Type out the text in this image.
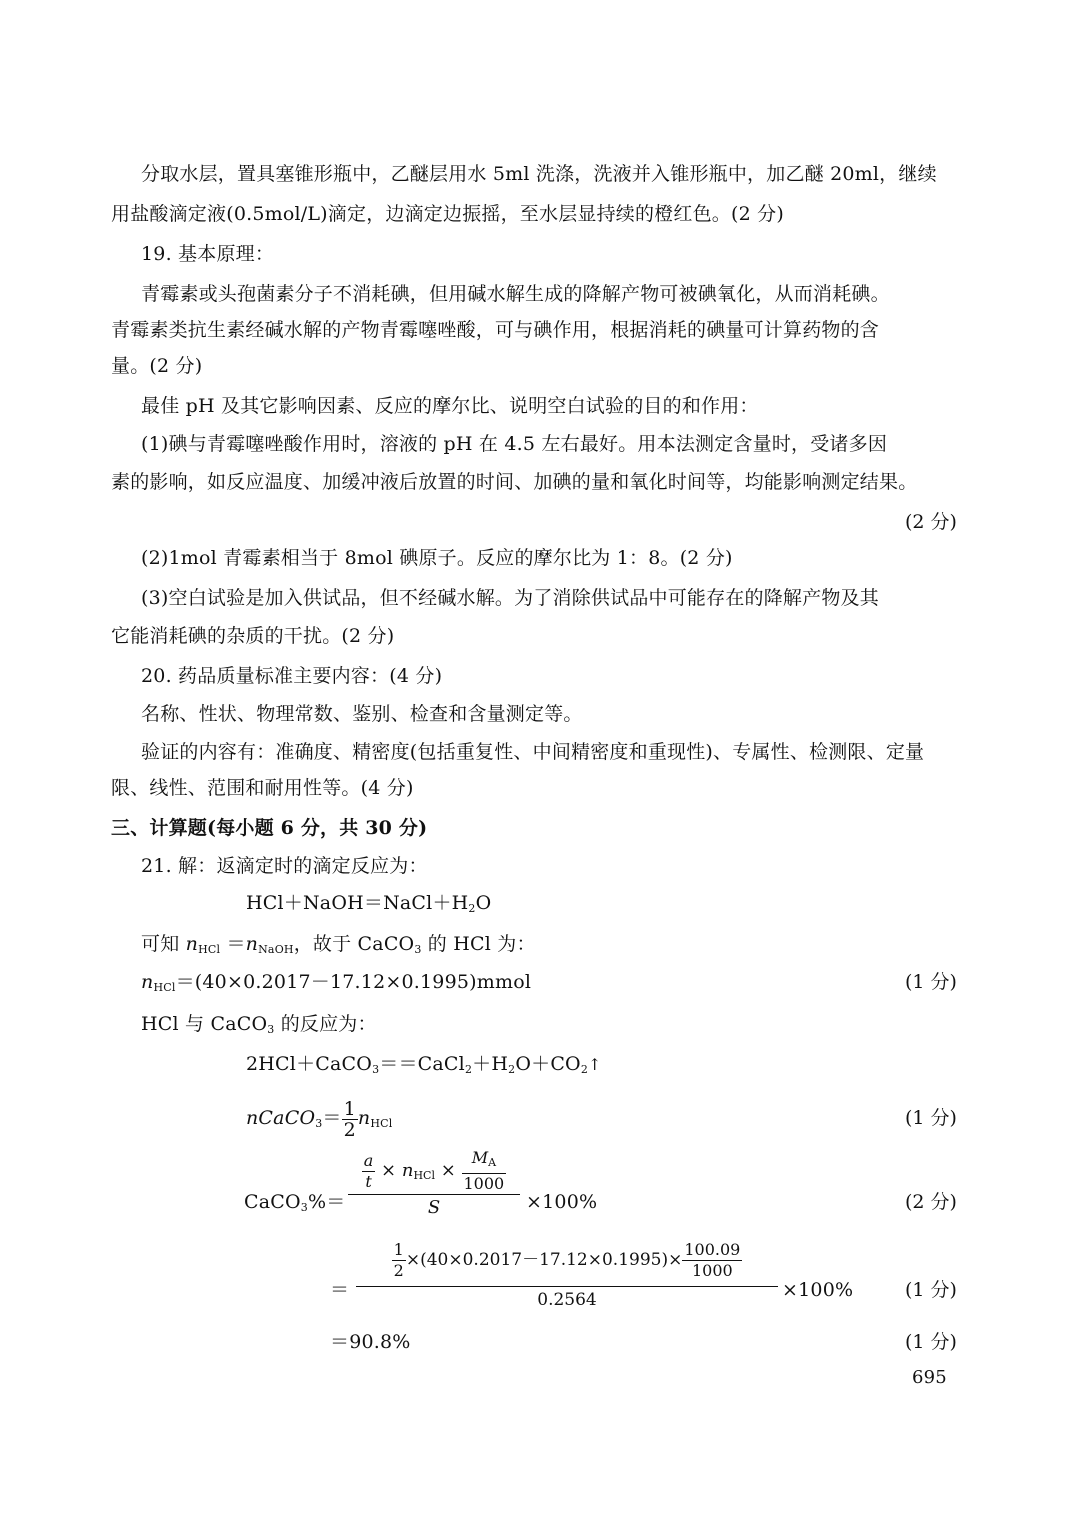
分取水层，置具塞锥形瓶中，乙醚层用水 5ml 洗涤，洗液并入锥形瓶中，加乙醚 20ml，继续
用盐酸滴定液(0.5mol/L)滴定，边滴定边振摇，至水层显持续的橙红色。(2 分)
19. 基本原理：
青霉素或头孢菌素分子不消耗碘，但用碱水解生成的降解产物可被碘氧化，从而消耗碘。
青霉素类抗生素经碱水解的产物青霉噻唑酸，可与碘作用，根据消耗的碘量可计算药物的含
量。(2 分)
最佳 pH 及其它影响因素、反应的摩尔比、说明空白试验的目的和作用：
(1)碘与青霉噻唑酸作用时，溶液的 pH 在 4.5 左右最好。用本法测定含量时，受诸多因
素的影响，如反应温度、加缓冲液后放置的时间、加碘的量和氧化时间等，均能影响测定结果。
(2 分)
(2)1mol 青霉素相当于 8mol 碘原子。反应的摩尔比为 1：8。(2 分)
(3)空白试验是加入供试品，但不经碱水解。为了消除供试品中可能存在的降解产物及其
它能消耗碘的杂质的干扰。(2 分)
20. 药品质量标准主要内容：(4 分)
名称、性状、物理常数、鉴别、检查和含量测定等。
验证的内容有：准确度、精密度(包括重复性、中间精密度和重现性)、专属性、检测限、定量
限、线性、范围和耐用性等。(4 分)
三、计算题(每小题 6 分，共 30 分)
21. 解：返滴定时的滴定反应为：
$HCl+NaOH=NaCl+H_2O$
可知 $n_{HCl} =n_{NaOH}$，故于 CaCO$_3$ 的 HCl 为：
$n_{HCl}=(40\times 0.2017-17.12\times 0.1995)mmol$	(1 分)
HCl 与 CaCO$_3$ 的反应为：
$2HCl+CaCO_3==CaCl_2+H_2O+CO_2↑$
nCaCO$_3$＝ $\frac{1}{2} n_{HCl}$	(1 分)
CaCO$_3$%＝
$\frac{a}{t} \times n_{HCl} \times \frac{M_A}{1000}$
S	×100%	(2 分)
＝
$\frac{1}{2} \times(40\times 0.2017-17.12\times 0.1995)\times \frac{100.09}{1000}$
0.2564	×100%	(1 分)
＝90.8%	(1 分)
695
